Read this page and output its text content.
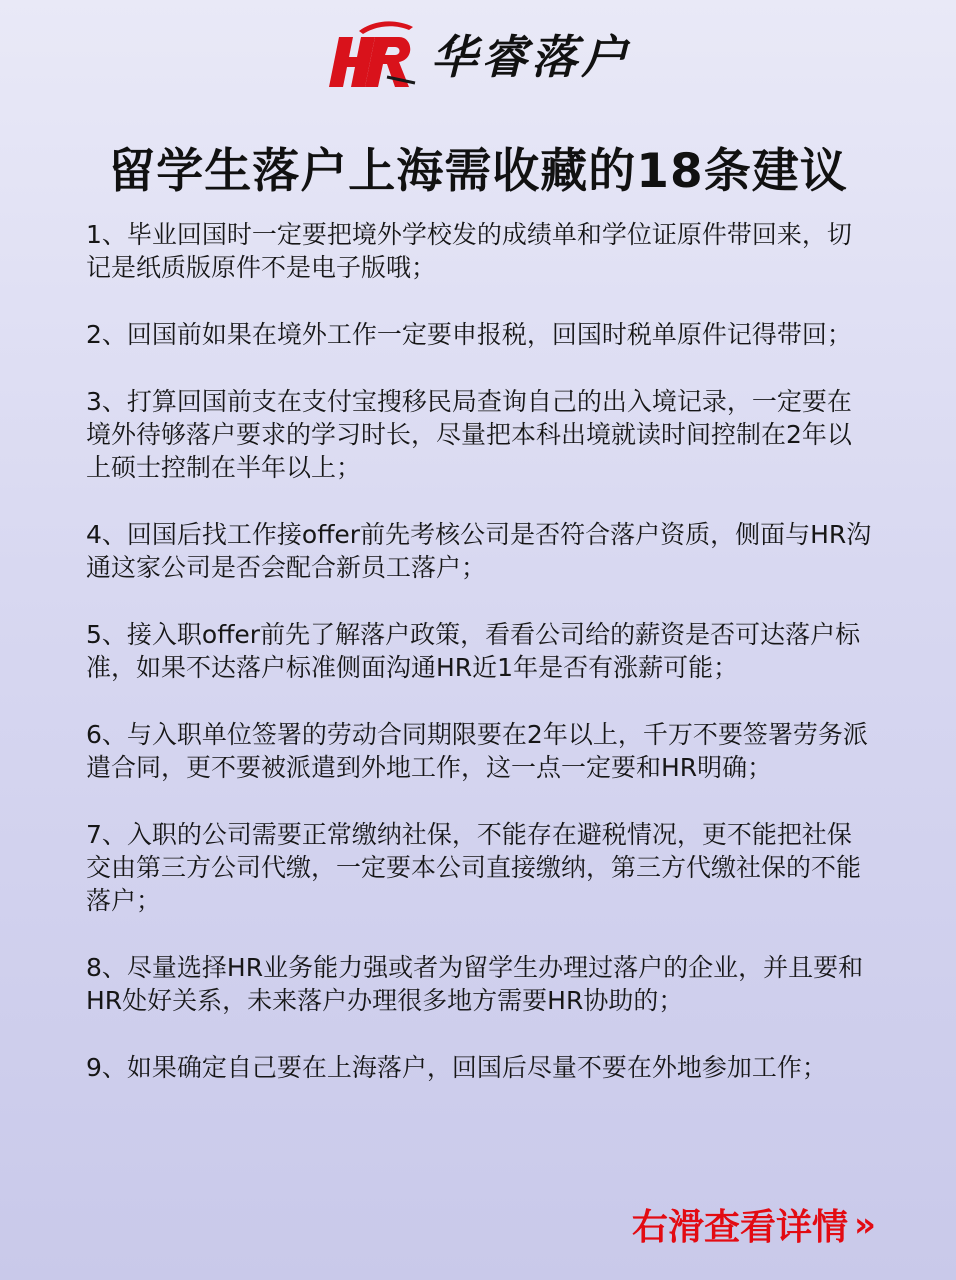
华睿落户
留学生落户上海需收藏的18条建议
1、毕业回国时一定要把境外学校发的成绩单和学位证原件带回来，切记是纸质版原件不是电子版哦；
2、回国前如果在境外工作一定要申报税，回国时税单原件记得带回；
3、打算回国前支在支付宝搜移民局查询自己的出入境记录，一定要在境外待够落户要求的学习时长，尽量把本科出境就读时间控制在2年以上硕士控制在半年以上；
4、回国后找工作接offer前先考核公司是否符合落户资质，侧面与HR沟通这家公司是否会配合新员工落户；
5、接入职offer前先了解落户政策，看看公司给的薪资是否可达落户标准，如果不达落户标准侧面沟通HR近1年是否有涨薪可能；
6、与入职单位签署的劳动合同期限要在2年以上，千万不要签署劳务派遣合同，更不要被派遣到外地工作，这一点一定要和HR明确；
7、入职的公司需要正常缴纳社保，不能存在避税情况，更不能把社保交由第三方公司代缴，一定要本公司直接缴纳，第三方代缴社保的不能落户；
8、尽量选择HR业务能力强或者为留学生办理过落户的企业，并且要和HR处好关系，未来落户办理很多地方需要HR协助的；
9、如果确定自己要在上海落户，回国后尽量不要在外地参加工作；
右滑查看详情 »
